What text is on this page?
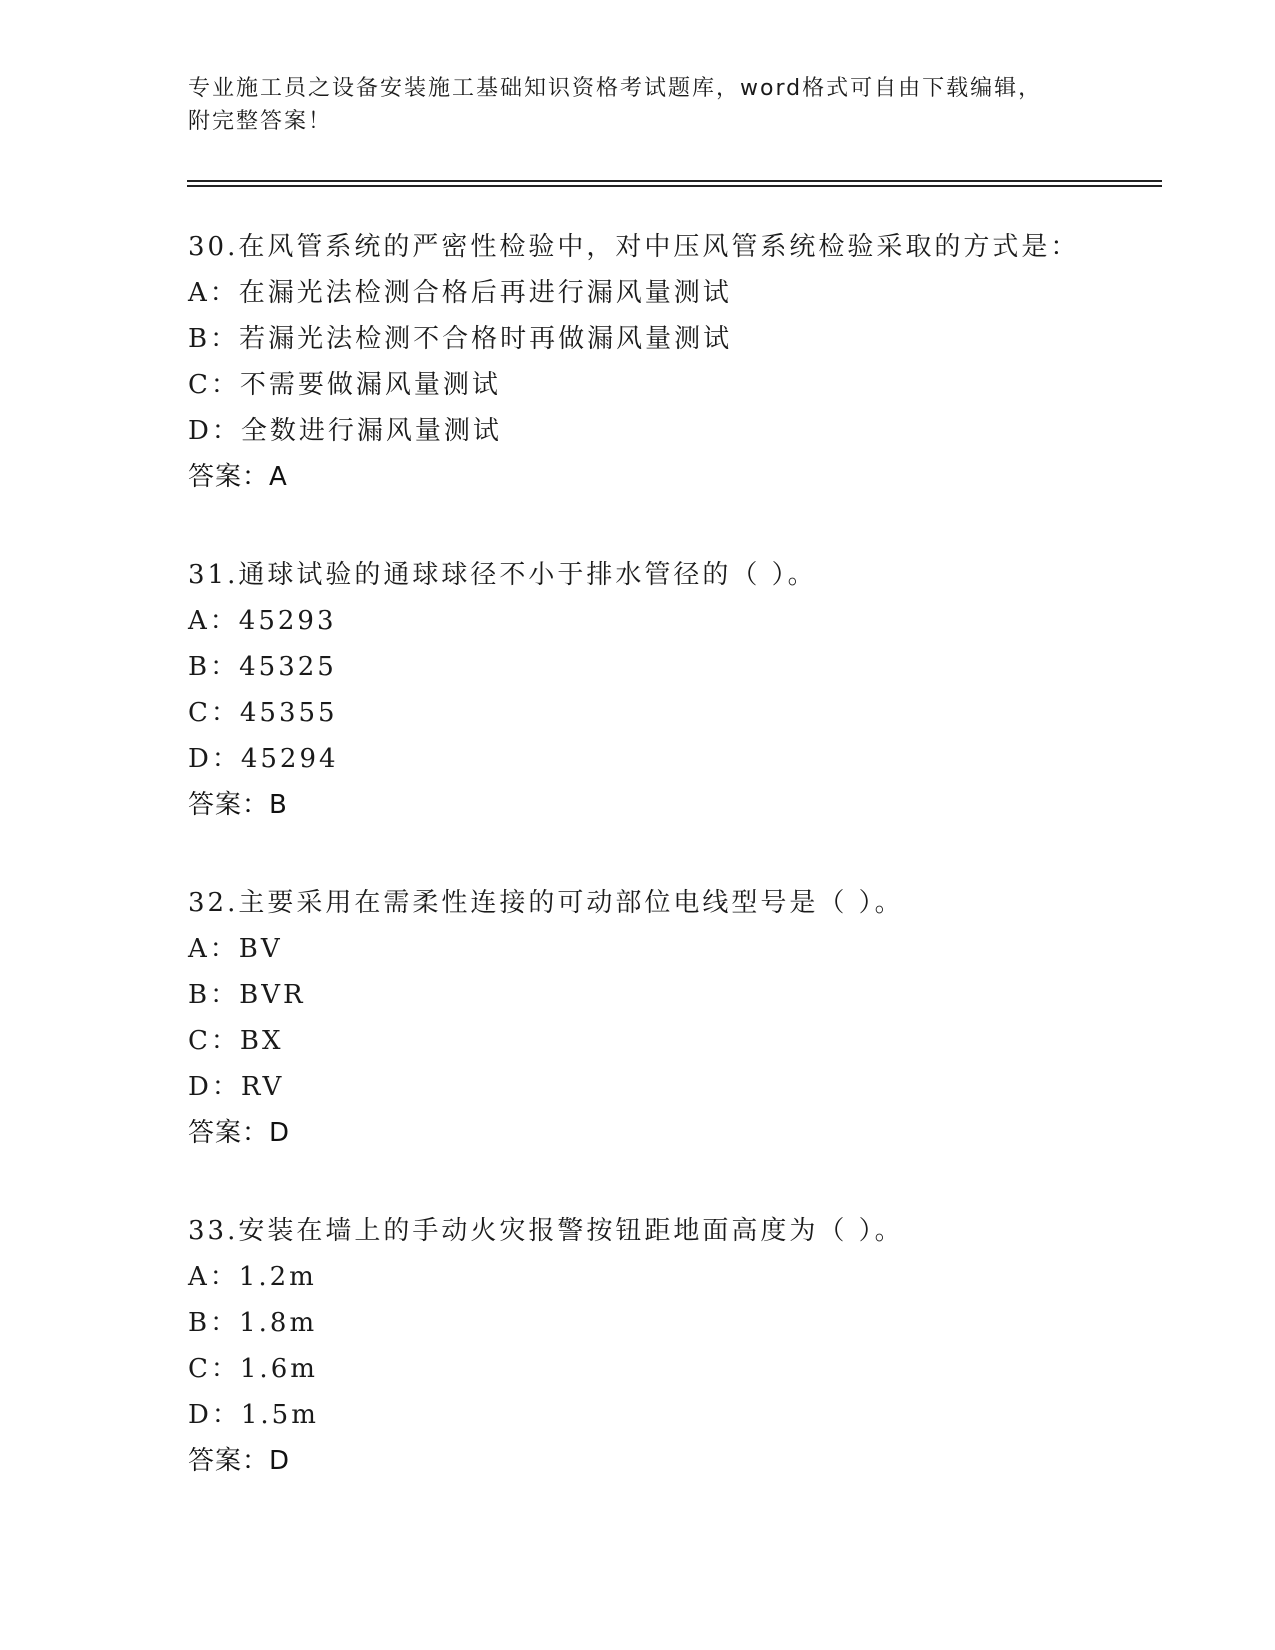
专业施工员之设备安装施工基础知识资格考试题库，word格式可自由下载编辑，
附完整答案！
30.在风管系统的严密性检验中，对中压风管系统检验采取的方式是：
A：在漏光法检测合格后再进行漏风量测试
B：若漏光法检测不合格时再做漏风量测试
C：不需要做漏风量测试
D：全数进行漏风量测试
答案：A
31.通球试验的通球球径不小于排水管径的（ ）。
A：45293
B：45325
C：45355
D：45294
答案：B
32.主要采用在需柔性连接的可动部位电线型号是（ ）。
A：BV
B：BVR
C：BX
D：RV
答案：D
33.安装在墙上的手动火灾报警按钮距地面高度为（ ）。
A：1.2m
B：1.8m
C：1.6m
D：1.5m
答案：D
